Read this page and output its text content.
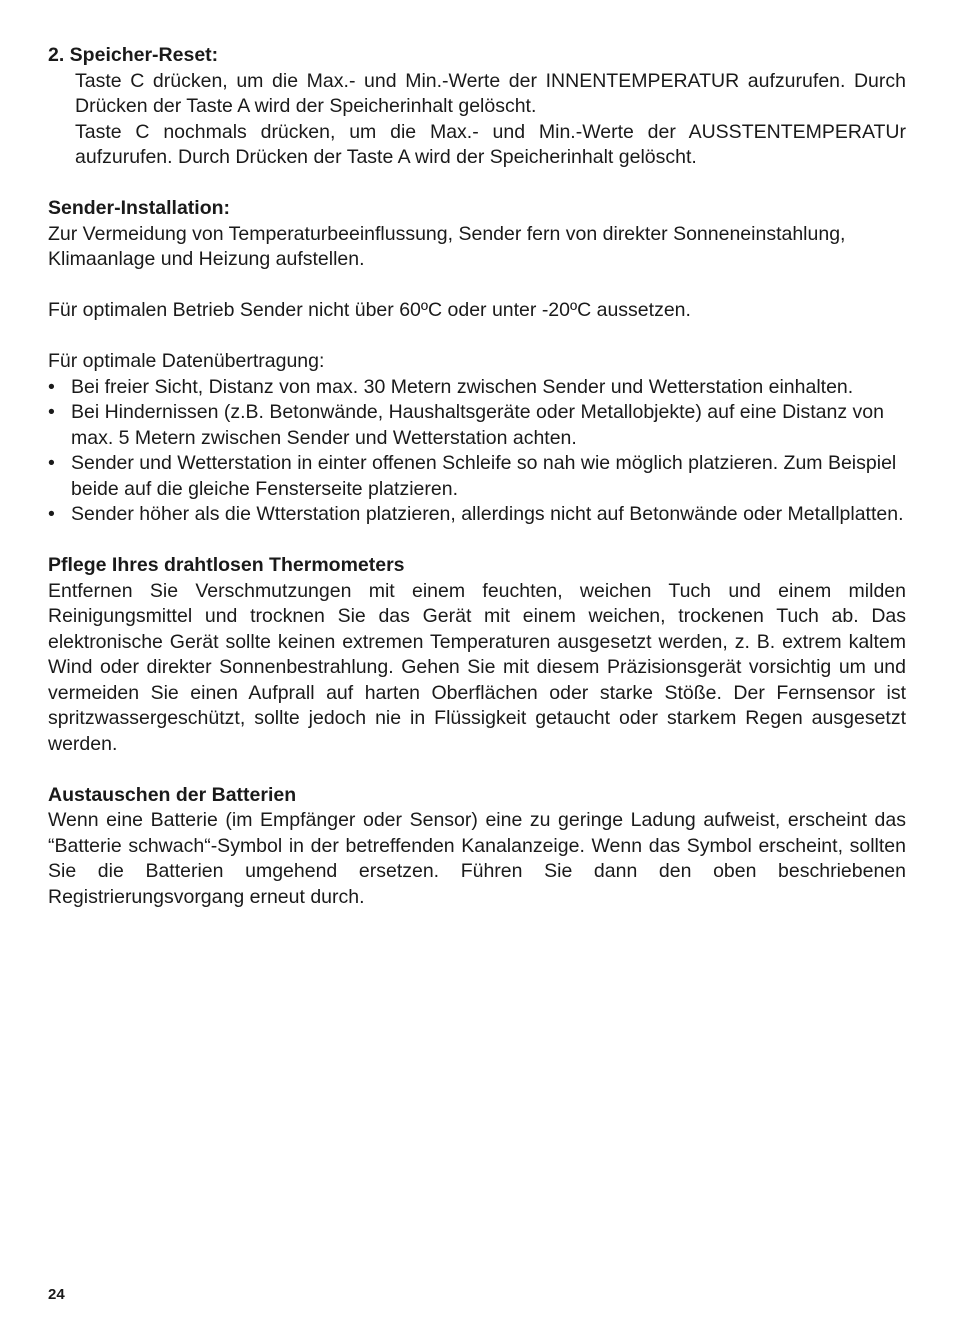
2. Speicher-Reset:

Taste C drücken, um die Max.- und Min.-Werte der INNENTEMPERATUR aufzurufen. Durch Drücken der Taste A wird der Speicherinhalt gelöscht.

Taste C nochmals drücken, um die Max.- und Min.-Werte der AUSSTENTEMPERATUr aufzurufen. Durch Drücken der Taste A wird der Speicherinhalt gelöscht.

Sender-Installation:

Zur Vermeidung von Temperaturbeeinflussung, Sender fern von direkter Sonneneinstahlung, Klimaanlage und Heizung aufstellen.

Für optimalen Betrieb Sender nicht über 60ºC oder unter -20ºC aussetzen.

Für optimale Datenübertragung:

• Bei freier Sicht, Distanz von max. 30 Metern zwischen Sender und Wetterstation einhalten.
• Bei Hindernissen (z.B. Betonwände, Haushaltsgeräte oder Metallobjekte) auf eine Distanz von max. 5 Metern zwischen Sender und Wetterstation achten.
• Sender und Wetterstation in einter offenen Schleife so nah wie möglich platzieren. Zum Beispiel beide auf die gleiche Fensterseite platzieren.
• Sender höher als die Wtterstation platzieren, allerdings nicht auf Betonwände oder Metallplatten.

Pflege Ihres drahtlosen Thermometers

Entfernen Sie Verschmutzungen mit einem feuchten, weichen Tuch und einem milden Reinigungsmittel und trocknen Sie das Gerät mit einem weichen, trockenen Tuch ab. Das elektronische Gerät sollte keinen extremen Temperaturen ausgesetzt werden, z. B. extrem kaltem Wind oder direkter Sonnenbestrahlung. Gehen Sie mit diesem Präzisionsgerät vorsichtig um und vermeiden Sie einen Aufprall auf harten Oberflächen oder starke Stöße. Der Fernsensor ist spritzwassergeschützt, sollte jedoch nie in Flüssigkeit getaucht oder starkem Regen ausgesetzt werden.

Austauschen der Batterien

Wenn eine Batterie (im Empfänger oder Sensor) eine zu geringe Ladung aufweist, erscheint das “Batterie schwach“-Symbol in der betreffenden Kanalanzeige. Wenn das Symbol erscheint, sollten Sie die Batterien umgehend ersetzen. Führen Sie dann den oben beschriebenen Registrierungsvorgang erneut durch.

24
